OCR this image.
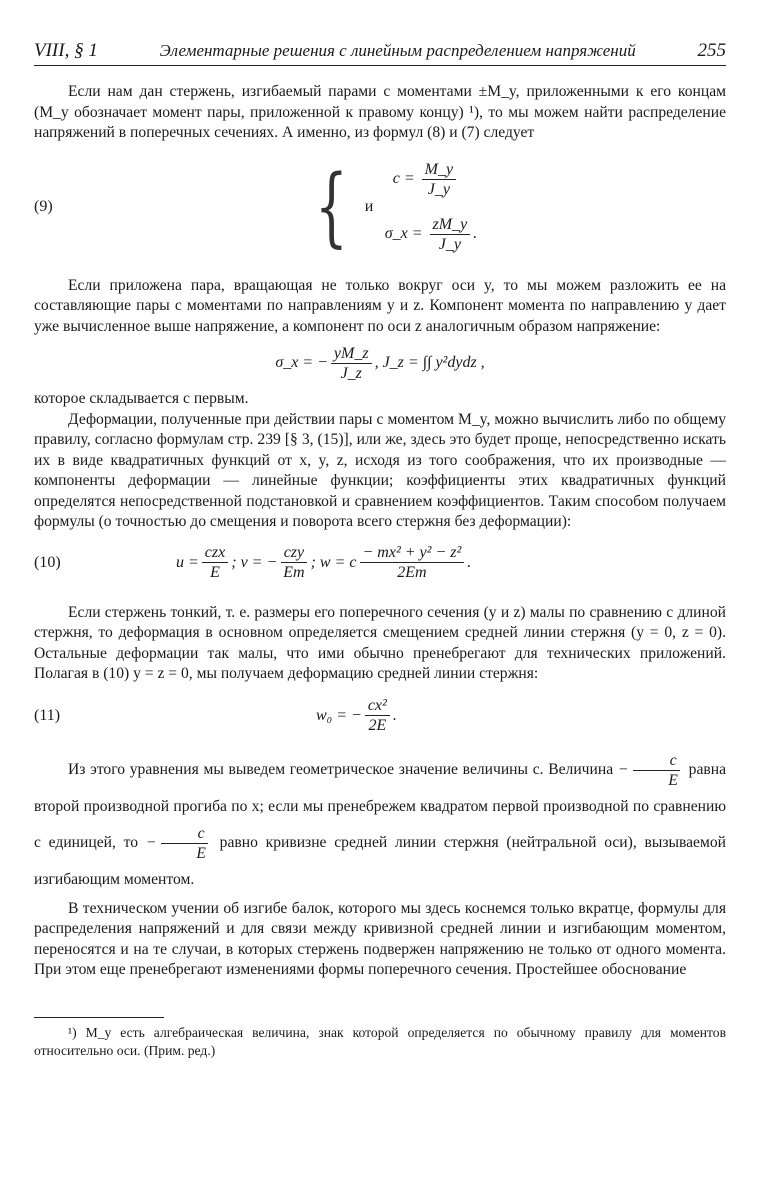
VIII, § 1	Элементарные решения с линейным распределением напряжений	255

Если нам дан стержень, изгибаемый парами с моментами ±M_y, приложенными к его концам (M_y обозначает момент пары, приложенной к правому концу) ¹), то мы можем найти распределение напряжений в поперечных сечениях. А именно, из формул (8) и (7) следует

(9)	{	$c = \frac{M\_y}{J\_y}$
и
σ_x = $\frac{zM\_y}{J\_y}$ .

Если приложена пара, вращающая не только вокруг оси y, то мы можем разложить ее на составляющие пары с моментами по направлениям y и z. Компонент момента по направлению y дает уже вычисленное выше напряжение, а компонент по оси z аналогичным образом напряжение:

σ_x = − $\frac{yM\_z}{J\_z}$ , J_z = ∫∫ y²dydz ,

которое складывается с первым.

Деформации, полученные при действии пары с моментом M_y, можно вычислить либо по общему правилу, согласно формулам стр. 239 [§ 3, (15)], или же, здесь это будет проще, непосредственно искать их в виде квадратичных функций от x, y, z, исходя из того соображения, что их производные — компоненты деформации — линейные функции; коэффициенты этих квадратичных функций определятся непосредственной подстановкой и сравнением коэффициентов. Таким способом получаем формулы (о точностью до смещения и поворота всего стержня без деформации):

(10)	$u = \frac{\text{czx}}{E}$ ; v = − $\frac{\text{czy}}{Em}$ ; w = c $\frac{\text{− mx² + y² − z²}}{2Em}$ .

Если стержень тонкий, т. е. размеры его поперечного сечения (y и z) малы по сравнению с длиной стержня, то деформация в основном определяется смещением средней линии стержня (y = 0, z = 0). Остальные деформации так малы, что ими обычно пренебрегают для технических приложений. Полагая в (10) y = z = 0, мы получаем деформацию средней линии стержня:

(11)	w₀ = − $\frac{\text{cx²}}{2E}$ .

Из этого уравнения мы выведем геометрическое значение величины c. Величина − $\frac{c}{E}$ равна второй производной прогиба по x; если мы пренебрежем квадратом первой производной по сравнению с единицей, то − $\frac{c}{E}$ равно кривизне средней линии стержня (нейтральной оси), вызываемой изгибающим моментом.

В техническом учении об изгибе балок, которого мы здесь коснемся только вкратце, формулы для распределения напряжений и для связи между кривизной средней линии и изгибающим моментом, переносятся и на те случаи, в которых стержень подвержен напряжению не только от одного момента. При этом еще пренебрегают изменениями формы поперечного сечения. Простейшее обоснование

¹) M_y есть алгебраическая величина, знак которой определяется по обычному правилу для моментов относительно оси. (Прим. ред.)
